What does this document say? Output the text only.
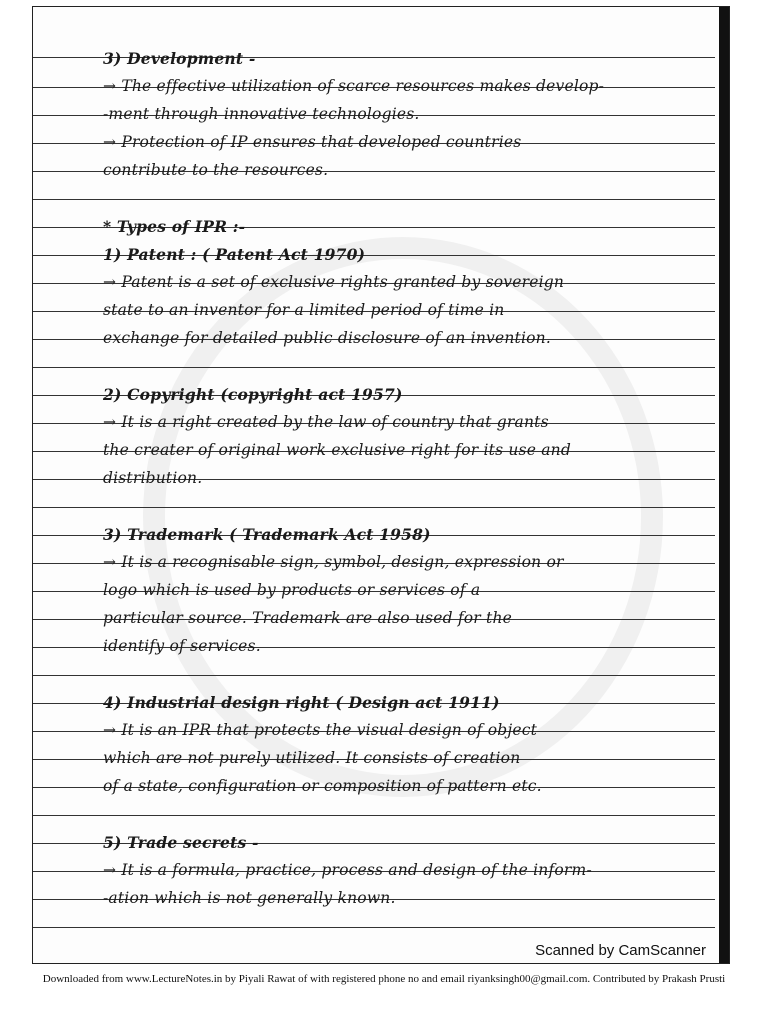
3) Development -
→ The effective utilization of scarce resources makes develop-
-ment through innovative technologies.
→ Protection of IP ensures that developed countries
contribute to the resources.
* Types of IPR :-
1) Patent : ( Patent Act 1970)
→ Patent is a set of exclusive rights granted by sovereign
state to an inventor for a limited period of time in
exchange for detailed public disclosure of an invention.
2) Copyright (copyright act 1957)
→ It is a right created by the law of country that grants
the creater of original work exclusive right for its use and
distribution.
3) Trademark ( Trademark Act 1958)
→ It is a recognisable sign, symbol, design, expression or
logo which is used by products or services of a
particular source. Trademark are also used for the
identify of services.
4) Industrial design right ( Design act 1911)
→ It is an IPR that protects the visual design of object
which are not purely utilized. It consists of creation
of a state, configuration or composition of pattern etc.
5) Trade secrets -
→ It is a formula, practice, process and design of the inform-
-ation which is not generally known.
Scanned by CamScanner
Downloaded from www.LectureNotes.in by Piyali Rawat of with registered phone no and email riyanksingh00@gmail.com. Contributed by Prakash Prusti
